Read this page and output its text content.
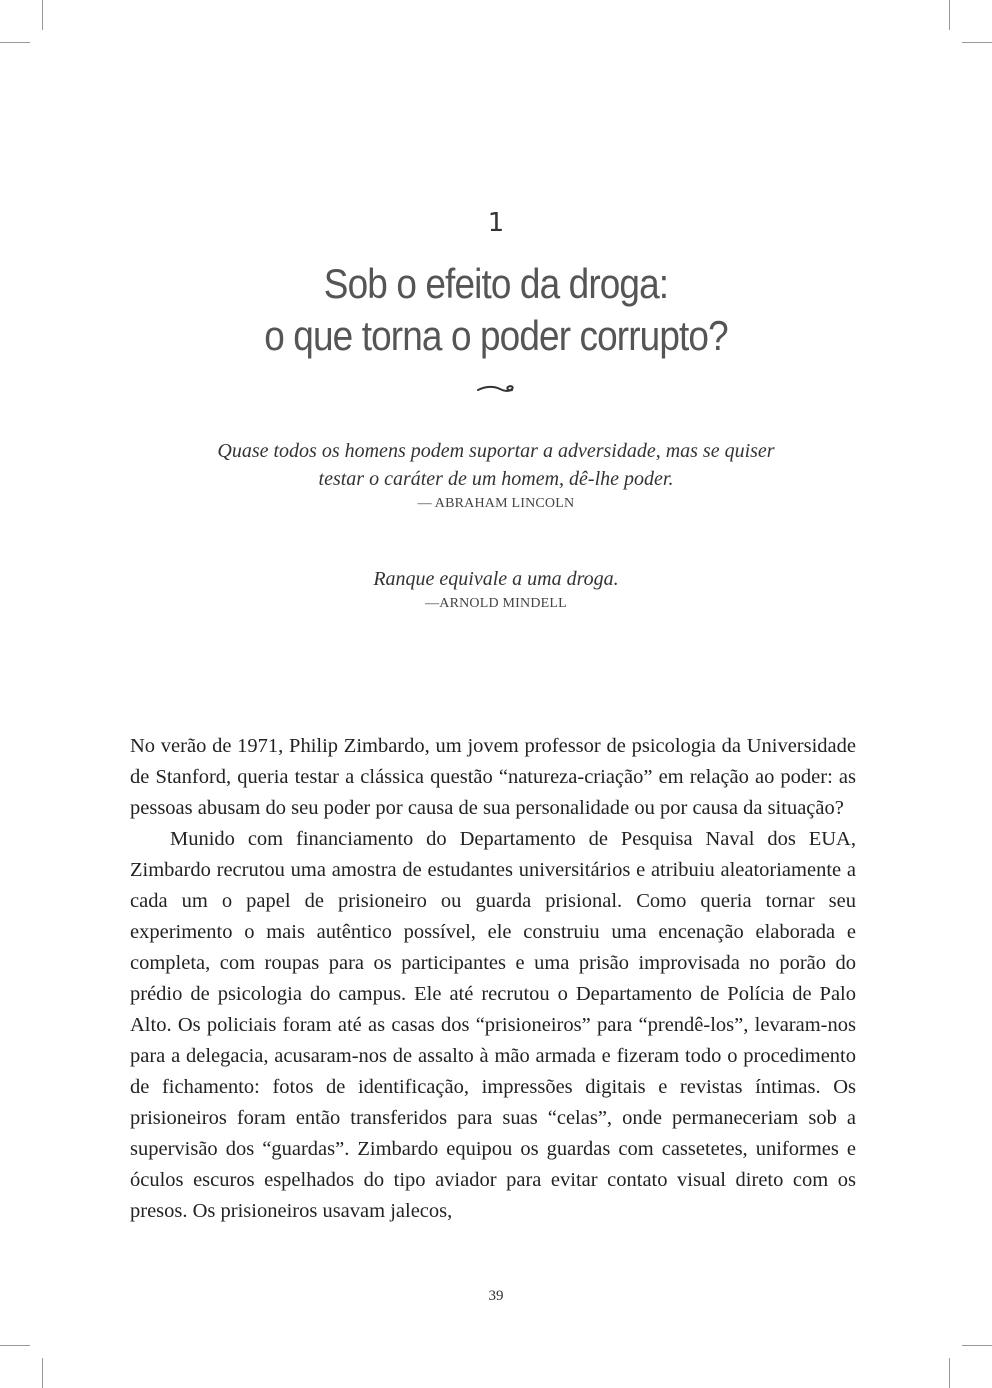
1
Sob o efeito da droga:
o que torna o poder corrupto?
Quase todos os homens podem suportar a adversidade, mas se quiser
testar o caráter de um homem, dê-lhe poder.
— ABRAHAM LINCOLN
Ranque equivale a uma droga.
—ARNOLD MINDELL

No verão de 1971, Philip Zimbardo, um jovem professor de psicologia da Universidade de Stanford, queria testar a clássica questão “natureza-criação” em relação ao poder: as pessoas abusam do seu poder por causa de sua personalidade ou por causa da situação?

Munido com financiamento do Departamento de Pesquisa Naval dos EUA, Zimbardo recrutou uma amostra de estudantes universitários e atribuiu aleatoriamente a cada um o papel de prisioneiro ou guarda prisional. Como queria tornar seu experimento o mais autêntico possível, ele construiu uma encenação elaborada e completa, com roupas para os participantes e uma prisão improvisada no porão do prédio de psicologia do campus. Ele até recrutou o Departamento de Polícia de Palo Alto. Os policiais foram até as casas dos “prisioneiros” para “prendê-los”, levaram-nos para a delegacia, acusaram-nos de assalto à mão armada e fizeram todo o procedimento de fichamento: fotos de identificação, impressões digitais e revistas íntimas. Os prisioneiros foram então transferidos para suas “celas”, onde permaneceriam sob a supervisão dos “guardas”. Zimbardo equipou os guardas com cassetetes, uniformes e óculos escuros espelhados do tipo aviador para evitar contato visual direto com os presos. Os prisioneiros usavam jalecos,

39
